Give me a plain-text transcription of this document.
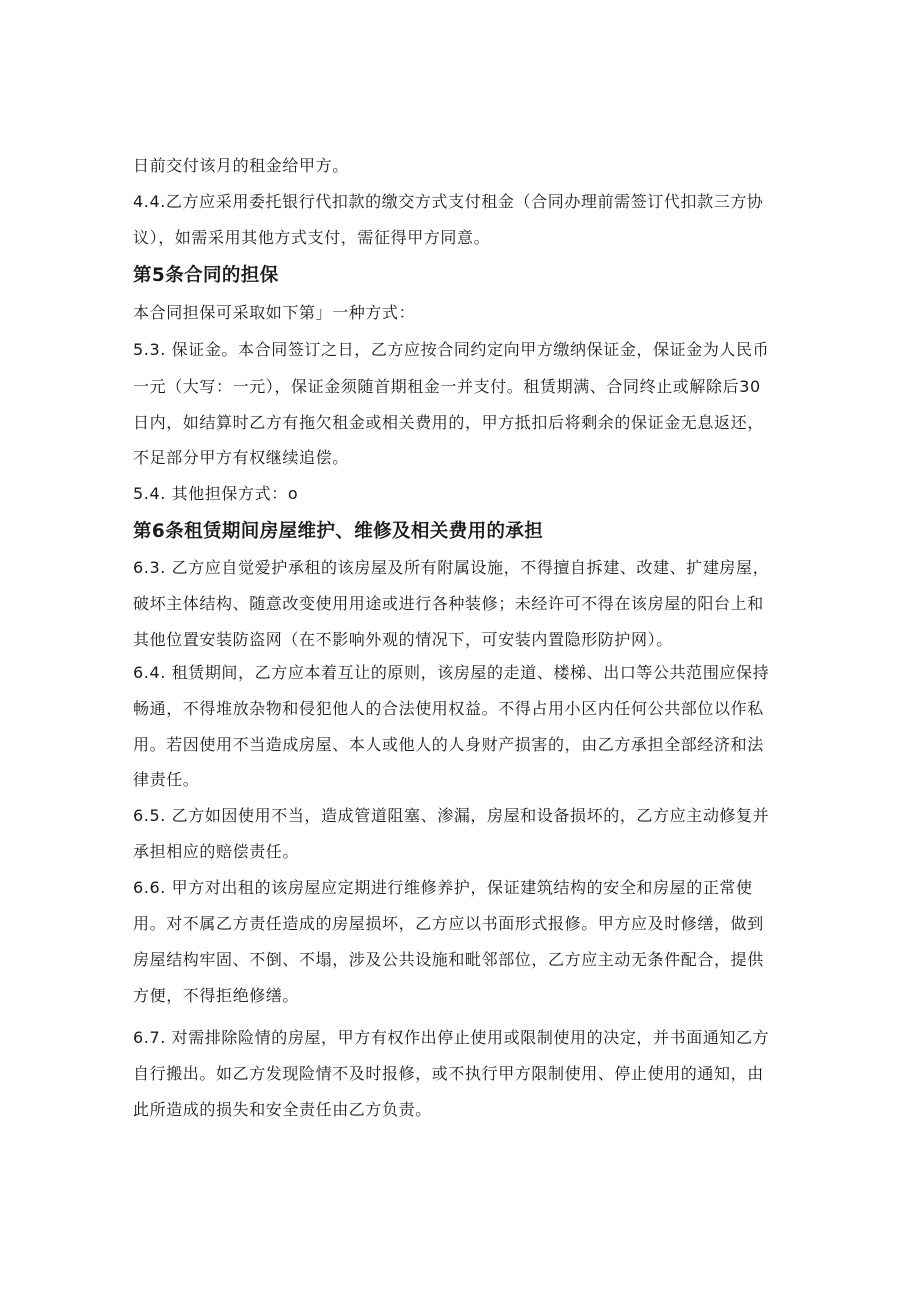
日前交付该月的租金给甲方。

4.4.乙方应采用委托银行代扣款的缴交方式支付租金（合同办理前需签订代扣款三方协

议），如需采用其他方式支付，需征得甲方同意。

第5条合同的担保

本合同担保可采取如下第」一种方式：

5.3. 保证金。本合同签订之日，乙方应按合同约定向甲方缴纳保证金，保证金为人民币

一元（大写：一元），保证金须随首期租金一并支付。租赁期满、合同终止或解除后30

日内，如结算时乙方有拖欠租金或相关费用的，甲方抵扣后将剩余的保证金无息返还，

不足部分甲方有权继续追偿。

5.4. 其他担保方式：o

第6条租赁期间房屋维护、维修及相关费用的承担

6.3. 乙方应自觉爱护承租的该房屋及所有附属设施，不得擅自拆建、改建、扩建房屋，

破坏主体结构、随意改变使用用途或进行各种装修；未经许可不得在该房屋的阳台上和

其他位置安装防盗网（在不影响外观的情况下，可安装内置隐形防护网）。

6.4. 租赁期间，乙方应本着互让的原则，该房屋的走道、楼梯、出口等公共范围应保持

畅通，不得堆放杂物和侵犯他人的合法使用权益。不得占用小区内任何公共部位以作私

用。若因使用不当造成房屋、本人或他人的人身财产损害的，由乙方承担全部经济和法

律责任。

6.5. 乙方如因使用不当，造成管道阻塞、渗漏，房屋和设备损坏的，乙方应主动修复并

承担相应的赔偿责任。

6.6. 甲方对出租的该房屋应定期进行维修养护，保证建筑结构的安全和房屋的正常使

用。对不属乙方责任造成的房屋损坏，乙方应以书面形式报修。甲方应及时修缮，做到

房屋结构牢固、不倒、不塌，涉及公共设施和毗邻部位，乙方应主动无条件配合，提供

方便，不得拒绝修缮。

6.7. 对需排除险情的房屋，甲方有权作出停止使用或限制使用的决定，并书面通知乙方

自行搬出。如乙方发现险情不及时报修，或不执行甲方限制使用、停止使用的通知，由

此所造成的损失和安全责任由乙方负责。
